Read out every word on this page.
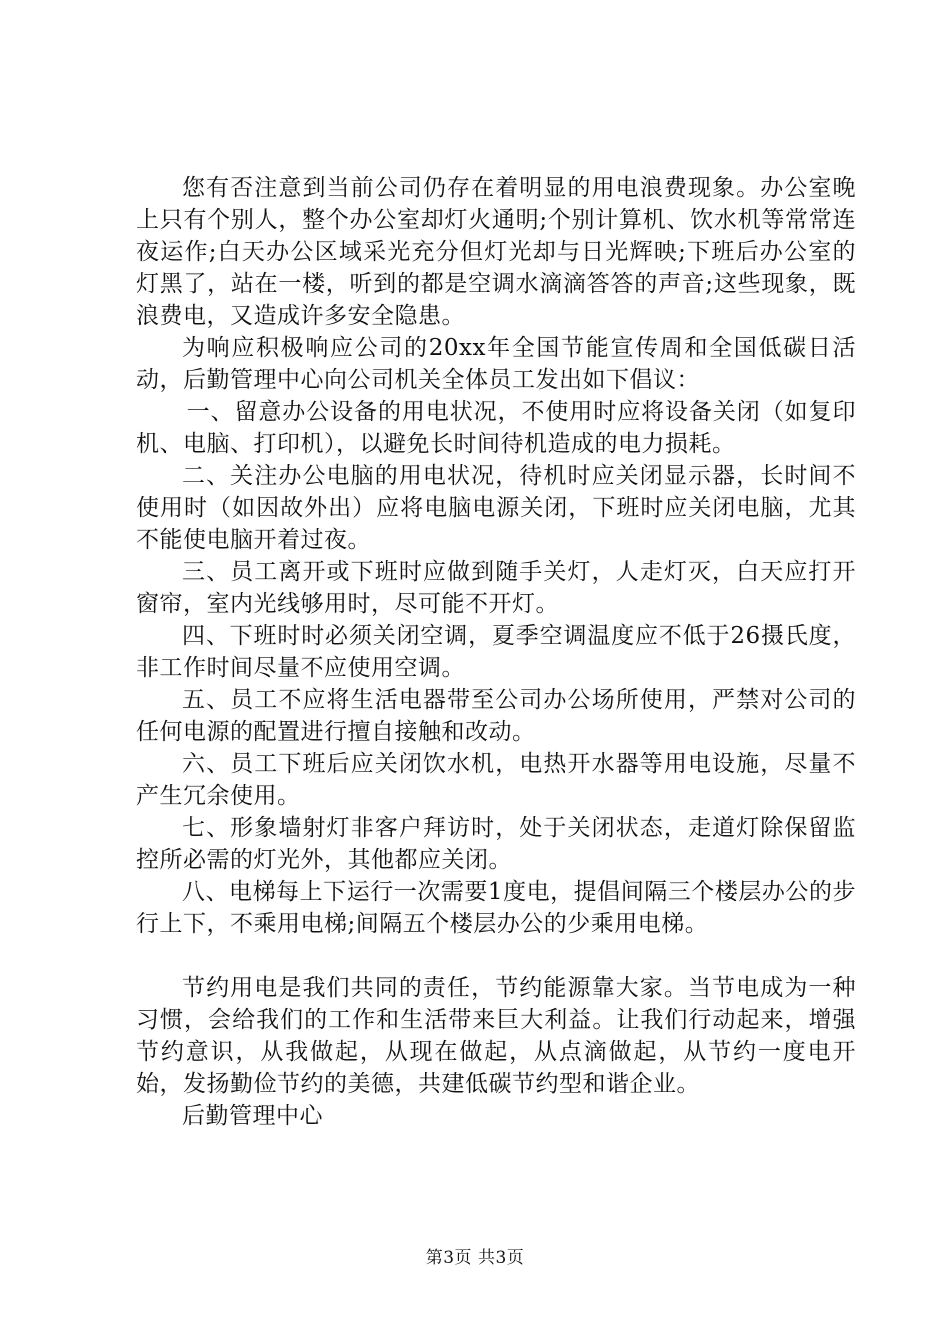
您有否注意到当前公司仍存在着明显的用电浪费现象。办公室晚上只有个别人，整个办公室却灯火通明;个别计算机、饮水机等常常连夜运作;白天办公区域采光充分但灯光却与日光辉映;下班后办公室的灯黑了，站在一楼，听到的都是空调水滴滴答答的声音;这些现象，既浪费电，又造成许多安全隐患。

为响应积极响应公司的20xx年全国节能宣传周和全国低碳日活动，后勤管理中心向公司机关全体员工发出如下倡议：

一、留意办公设备的用电状况，不使用时应将设备关闭（如复印机、电脑、打印机），以避免长时间待机造成的电力损耗。

二、关注办公电脑的用电状况，待机时应关闭显示器，长时间不使用时（如因故外出）应将电脑电源关闭，下班时应关闭电脑，尤其不能使电脑开着过夜。

三、员工离开或下班时应做到随手关灯，人走灯灭，白天应打开窗帘，室内光线够用时，尽可能不开灯。

四、下班时时必须关闭空调，夏季空调温度应不低于26摄氏度，非工作时间尽量不应使用空调。

五、员工不应将生活电器带至公司办公场所使用，严禁对公司的任何电源的配置进行擅自接触和改动。

六、员工下班后应关闭饮水机，电热开水器等用电设施，尽量不产生冗余使用。

七、形象墙射灯非客户拜访时，处于关闭状态，走道灯除保留监控所必需的灯光外，其他都应关闭。

八、电梯每上下运行一次需要1度电，提倡间隔三个楼层办公的步行上下，不乘用电梯;间隔五个楼层办公的少乘用电梯。

节约用电是我们共同的责任，节约能源靠大家。当节电成为一种习惯，会给我们的工作和生活带来巨大利益。让我们行动起来，增强节约意识，从我做起，从现在做起，从点滴做起，从节约一度电开始，发扬勤俭节约的美德，共建低碳节约型和谐企业。

后勤管理中心

第3页 共3页
